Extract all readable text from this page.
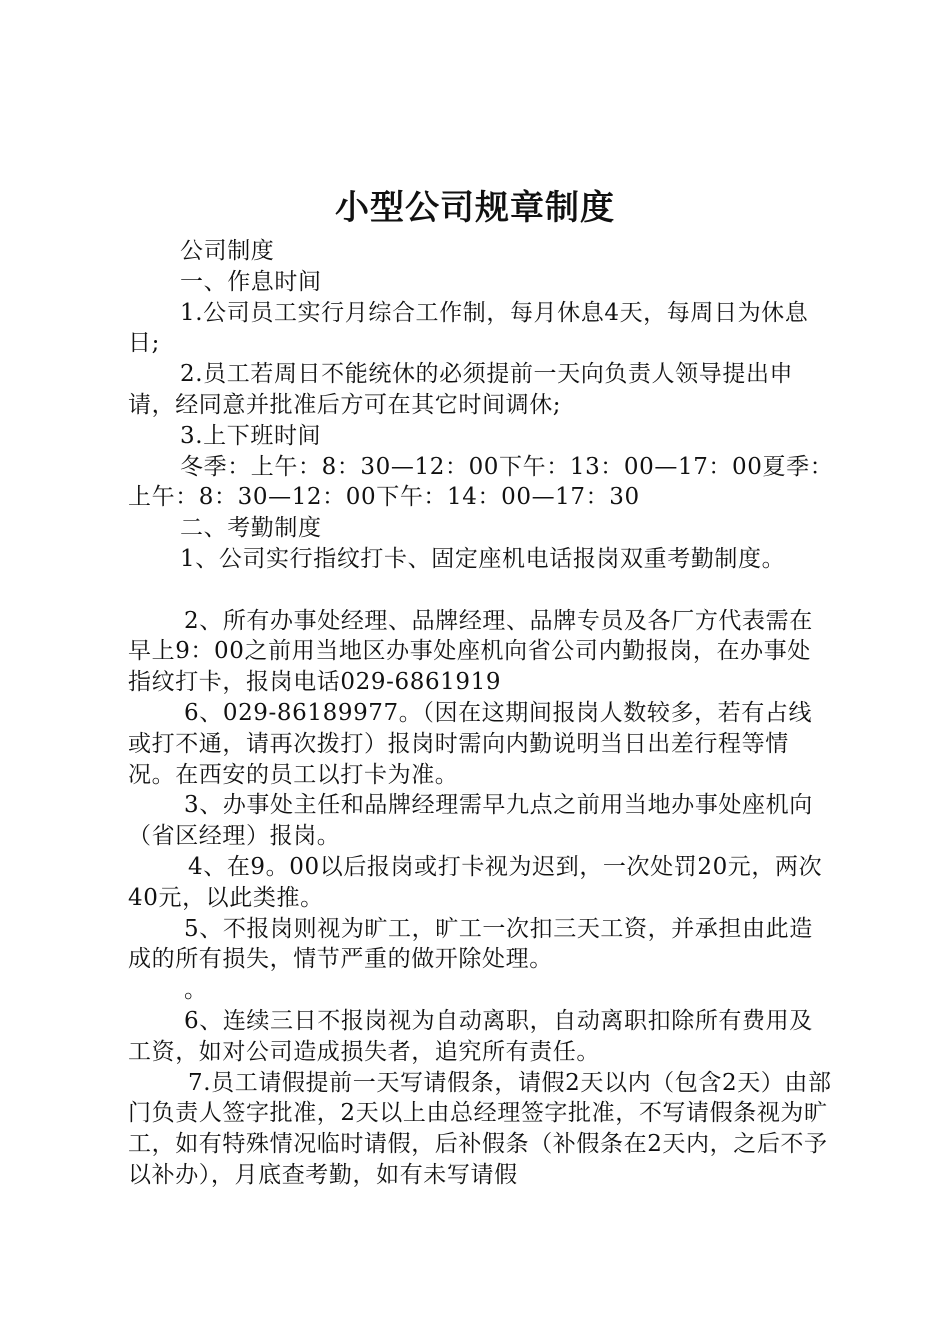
小型公司规章制度

公司制度

一、作息时间

1.公司员工实行月综合工作制，每月休息4天，每周日为休息日;

2.员工若周日不能统休的必须提前一天向负责人领导提出申请，经同意并批准后方可在其它时间调休;

3.上下班时间

冬季：上午：8：30—12：00下午：13：00—17：00夏季：上午：8：30—12：00下午：14：00—17：30

二、考勤制度

1、公司实行指纹打卡、固定座机电话报岗双重考勤制度。

2、所有办事处经理、品牌经理、品牌专员及各厂方代表需在早上9：00之前用当地区办事处座机向省公司内勤报岗，在办事处指纹打卡，报岗电话029-6861919

6、029-86189977。（因在这期间报岗人数较多，若有占线或打不通，请再次拨打）报岗时需向内勤说明当日出差行程等情况。在西安的员工以打卡为准。

3、办事处主任和品牌经理需早九点之前用当地办事处座机向（省区经理）报岗。

4、在9。00以后报岗或打卡视为迟到，一次处罚20元，两次40元，以此类推。

5、不报岗则视为旷工，旷工一次扣三天工资，并承担由此造成的所有损失，情节严重的做开除处理。

。

6、连续三日不报岗视为自动离职，自动离职扣除所有费用及工资，如对公司造成损失者，追究所有责任。

7.员工请假提前一天写请假条，请假2天以内（包含2天）由部门负责人签字批准，2天以上由总经理签字批准，不写请假条视为旷工，如有特殊情况临时请假，后补假条（补假条在2天内，之后不予以补办），月底查考勤，如有未写请假
